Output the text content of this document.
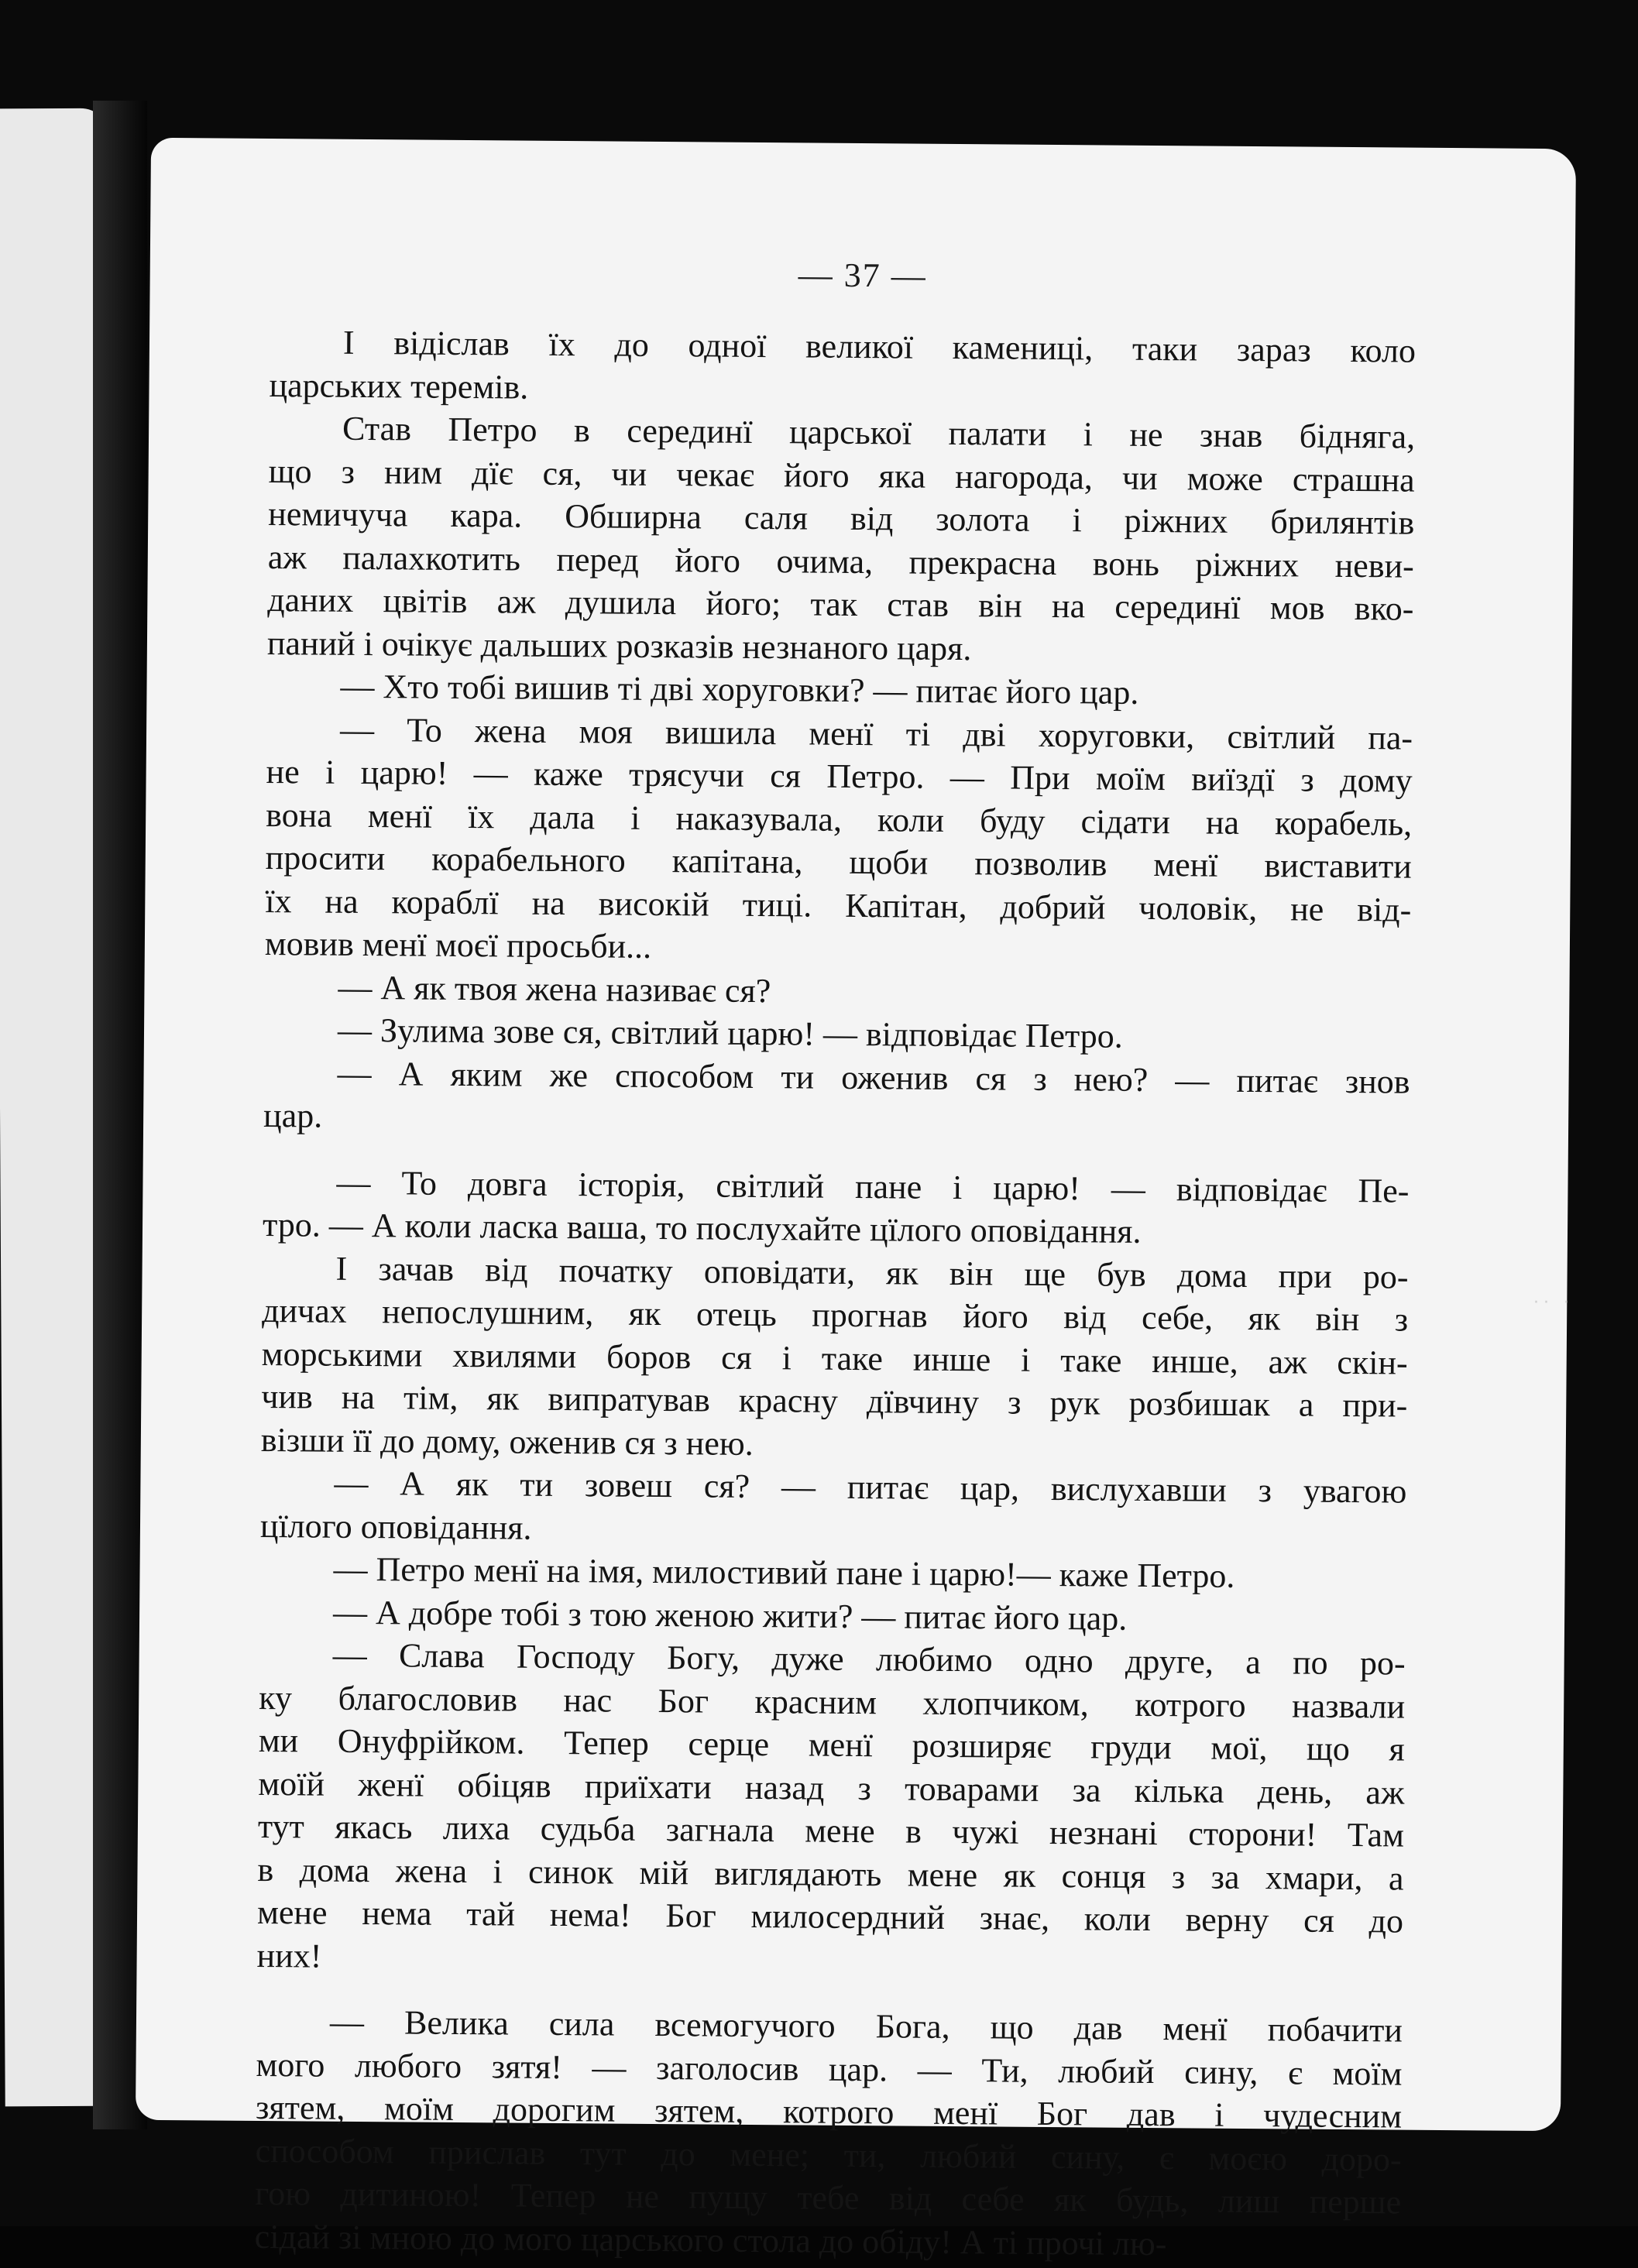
— 37 —
І відіслав їх до одної великої камениці, таки зараз коло
царських теремів.
Став Петро в серединї царської палати і не знав бідняга,
що з ним дїє ся, чи чекає його яка нагорода, чи може страшна
немичуча кара. Обширна саля від золота і ріжних брилянтів
аж палахкотить перед його очима, прекрасна вонь ріжних неви-
даних цвітів аж душила його; так став він на серединї мов вко-
паний і очікує дальших розказів незнаного царя.
— Хто тобі вишив ті дві хоруговки? — питає його цар.
— То жена моя вишила менї ті дві хоруговки, світлий па-
не і царю! — каже трясучи ся Петро. — При моїм виїздї з дому
вона менї їх дала і наказувала, коли буду сідати на корабель,
просити корабельного капітана, щоби позволив менї виставити
їх на кораблї на високій тиці. Капітан, добрий чоловік, не від-
мовив менї моєї просьби...
— А як твоя жена називає ся?
— Зулима зове ся, світлий царю! — відповідає Петро.
— А яким же способом ти оженив ся з нею? — питає знов
цар.
— То довга історія, світлий пане і царю! — відповідає Пе-
тро. — А коли ласка ваша, то послухайте цїлого оповідання.
І зачав від початку оповідати, як він ще був дома при ро-
дичах непослушним, як отець прогнав його від себе, як він з
морськими хвилями боров ся і таке инше і таке инше, аж скін-
чив на тім, як випратував красну дївчину з рук розбишак а при-
візши її до дому, оженив ся з нею.
— А як ти зовеш ся? — питає цар, вислухавши з увагою
цїлого оповідання.
— Петро менї на імя, милостивий пане і царю!— каже Петро.
— А добре тобі з тою женою жити? — питає його цар.
— Слава Господу Богу, дуже любимо одно друге, а по ро-
ку благословив нас Бог красним хлопчиком, котрого назвали
ми Онуфрійком. Тепер серце менї розширяє груди мої, що я
моїй женї обіцяв приїхати назад з товарами за кілька день, аж
тут якась лиха судьба загнала мене в чужі незнані сторони! Там
в дома жена і синок мій виглядають мене як сонця з за хмари, а
мене нема тай нема! Бог милосердний знає, коли верну ся до
них!
— Велика сила всемогучого Бога, що дав менї побачити
мого любого зятя! — заголосив цар. — Ти, любий сину, є моїм
зятем, моїм дорогим зятем, котрого менї Бог дав і чудесним
способом прислав тут до мене; ти, любий сину, є моєю доро-
гою дитиною! Тепер не пущу тебе від себе як будь, лиш перше
сідай зі мною до мого царського стола до обіду! А ті прочі лю-
·· ·
